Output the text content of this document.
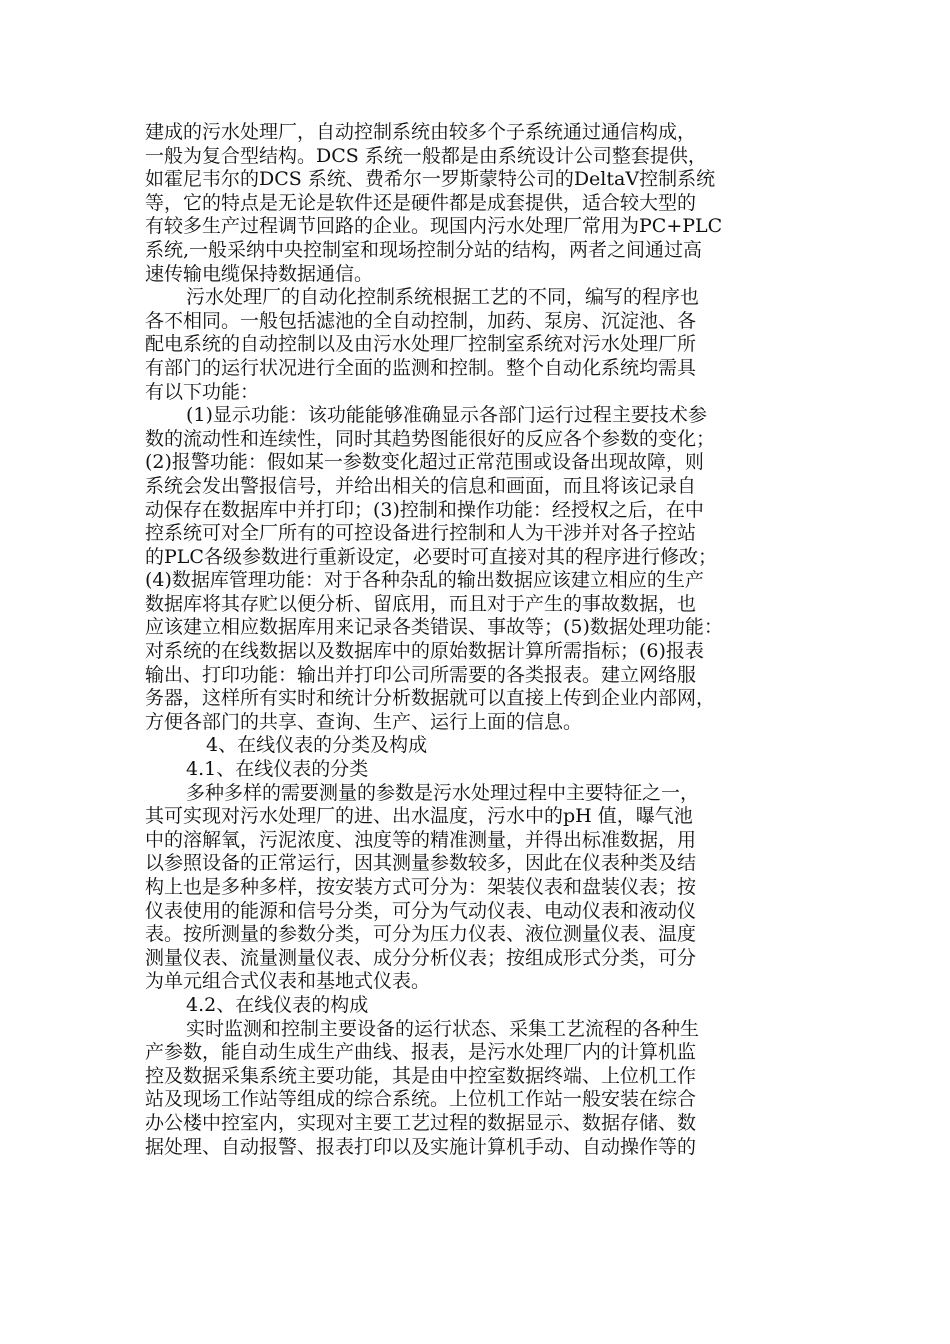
建成的污水处理厂，自动控制系统由较多个子系统通过通信构成，
一般为复合型结构。DCS 系统一般都是由系统设计公司整套提供，
如霍尼韦尔的DCS 系统、费希尔一罗斯蒙特公司的DeltaV控制系统
等，它的特点是无论是软件还是硬件都是成套提供，适合较大型的
有较多生产过程调节回路的企业。现国内污水处理厂常用为PC+PLC
系统,一般采纳中央控制室和现场控制分站的结构，两者之间通过高
速传输电缆保持数据通信。
污水处理厂的自动化控制系统根据工艺的不同，编写的程序也
各不相同。一般包括滤池的全自动控制，加药、泵房、沉淀池、各
配电系统的自动控制以及由污水处理厂控制室系统对污水处理厂所
有部门的运行状况进行全面的监测和控制。整个自动化系统均需具
有以下功能：
(1)显示功能：该功能能够准确显示各部门运行过程主要技术参
数的流动性和连续性，同时其趋势图能很好的反应各个参数的变化；
(2)报警功能：假如某一参数变化超过正常范围或设备出现故障，则
系统会发出警报信号，并给出相关的信息和画面，而且将该记录自
动保存在数据库中并打印；(3)控制和操作功能：经授权之后，在中
控系统可对全厂所有的可控设备进行控制和人为干涉并对各子控站
的PLC各级参数进行重新设定，必要时可直接对其的程序进行修改；
(4)数据库管理功能：对于各种杂乱的输出数据应该建立相应的生产
数据库将其存贮以便分析、留底用，而且对于产生的事故数据，也
应该建立相应数据库用来记录各类错误、事故等；(5)数据处理功能：
对系统的在线数据以及数据库中的原始数据计算所需指标；(6)报表
输出、打印功能：输出并打印公司所需要的各类报表。建立网络服
务器，这样所有实时和统计分析数据就可以直接上传到企业内部网，
方便各部门的共享、查询、生产、运行上面的信息。
4、在线仪表的分类及构成
4.1、在线仪表的分类
多种多样的需要测量的参数是污水处理过程中主要特征之一，
其可实现对污水处理厂的进、出水温度，污水中的pH 值，曝气池
中的溶解氧，污泥浓度、浊度等的精准测量，并得出标准数据，用
以参照设备的正常运行，因其测量参数较多，因此在仪表种类及结
构上也是多种多样，按安装方式可分为：架装仪表和盘装仪表；按
仪表使用的能源和信号分类，可分为气动仪表、电动仪表和液动仪
表。按所测量的参数分类，可分为压力仪表、液位测量仪表、温度
测量仪表、流量测量仪表、成分分析仪表；按组成形式分类，可分
为单元组合式仪表和基地式仪表。
4.2、在线仪表的构成
实时监测和控制主要设备的运行状态、采集工艺流程的各种生
产参数，能自动生成生产曲线、报表，是污水处理厂内的计算机监
控及数据采集系统主要功能，其是由中控室数据终端、上位机工作
站及现场工作站等组成的综合系统。上位机工作站一般安装在综合
办公楼中控室内，实现对主要工艺过程的数据显示、数据存储、数
据处理、自动报警、报表打印以及实施计算机手动、自动操作等的
